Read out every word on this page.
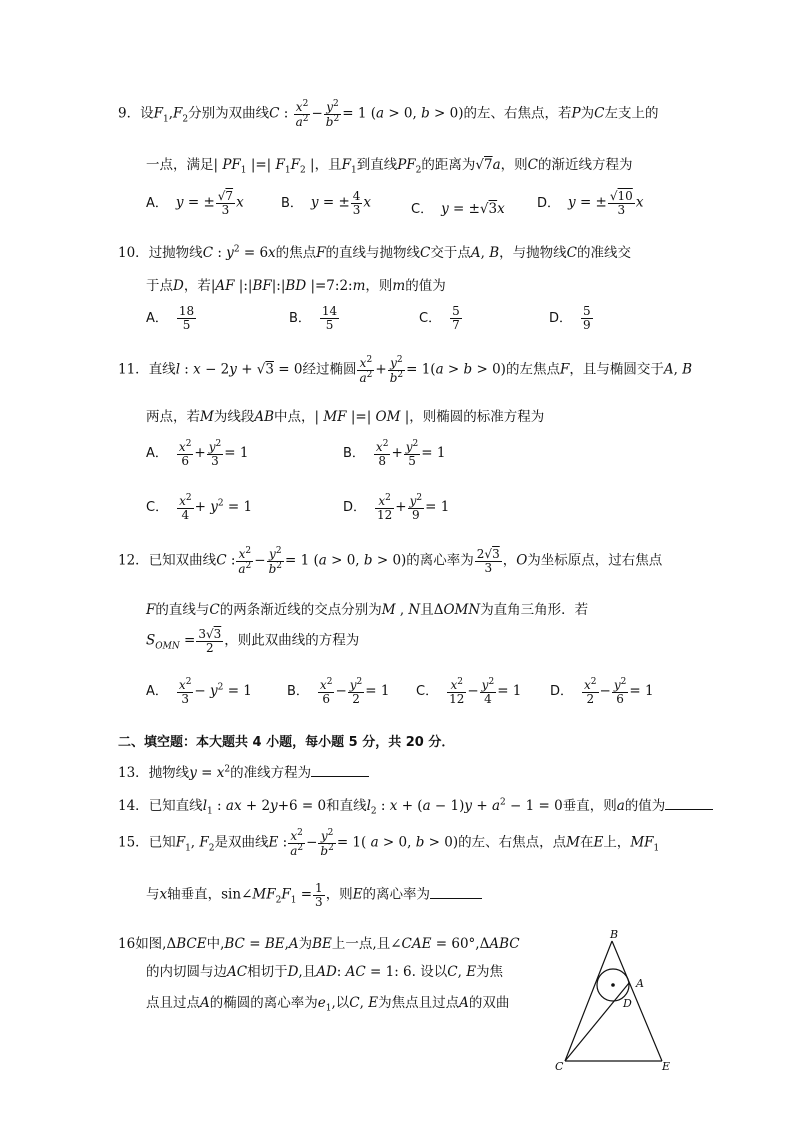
9．设$F_1,F_2$分别为双曲线C : $\frac{x^2}{a^2} - \frac{y^2}{b^2} = 1$ (a > 0, b > 0)的左、右焦点，若P为C左支上的
一点，满足| $PF_1$ |=| $F_1F_2$ |，且$F_1$到直线$PF_2$的距离为√7a，则C的渐近线方程为
A． y = ± $\frac{√7}{3}$ x	B． y = ± $\frac{4}{3}$ x	C． y = ±√3x D． y = ± $\frac{√10}{3}$ x
10．过抛物线C : $y^2 = 6x$的焦点F的直线与抛物线C交于点A, B，与抛物线C的准线交
于点D，若|AF |:|BF|:|BD |=7:2:m，则m的值为
A． $\frac{18}{5}$	B． $\frac{14}{5}$	C． $\frac{5}{7}$	D． $\frac{5}{9}$
11．直线l : x − 2y + √3 = 0经过椭圆 $\frac{x^2}{a^2} + \frac{y^2}{b^2} = 1(a > b > 0)$的左焦点F，且与椭圆交于A, B
两点，若M为线段AB中点，| MF |=| OM |，则椭圆的标准方程为
A． $\frac{x^2}{6} + \frac{y^2}{3} = 1$	B． $\frac{x^2}{8} + \frac{y^2}{5} = 1$
C． $\frac{x^2}{4} + y^2 = 1$	D． $\frac{x^2}{12} + \frac{y^2}{9} = 1$
12．已知双曲线C : $\frac{x^2}{a^2} - \frac{y^2}{b^2} = 1$ (a > 0, b > 0)的离心率为 $\frac{2√3}{3}$ ，O为坐标原点，过右焦点
F的直线与C的两条渐近线的交点分别为M , N且ΔOMN为直角三角形．若
$S_{OMN} = \frac{3√3}{2}$ ，则此双曲线的方程为
A． $\frac{x^2}{3} - y^2 = 1$	B． $\frac{x^2}{6} - \frac{y^2}{2} = 1$ C． $\frac{x^2}{12} - \frac{y^2}{4} = 1$ D． $\frac{x^2}{2} - \frac{y^2}{6} = 1$
二、填空题：本大题共 4 小题，每小题 5 分，共 20 分．
13．抛物线$y = x^2$的准线方程为
14．已知直线$l_1$ : ax + 2y+6 = 0和直线$l_2$ : $x + (a - 1)y + a^2 - 1 = 0$垂直，则a的值为
15．已知$F_1$, $F_2$是双曲线E : $\frac{x^2}{a^2} - \frac{y^2}{b^2} = 1$( a > 0, b > 0)的左、右焦点，点M在E上，$MF_1$
与x轴垂直，$\sin\angle MF_2F_1 = \frac{1}{3}$ ，则E的离心率为
16如图,ΔBCE中,BC = BE,A为BE上一点,且∠CAE = 60°,ΔABC
的内切圆与边AC相切于D,且AD: AC = 1: 6. 设以C, E为焦
点且过点A的椭圆的离心率为$e_1$,以C, E为焦点且过点A的双曲
B
A
D
C	E
